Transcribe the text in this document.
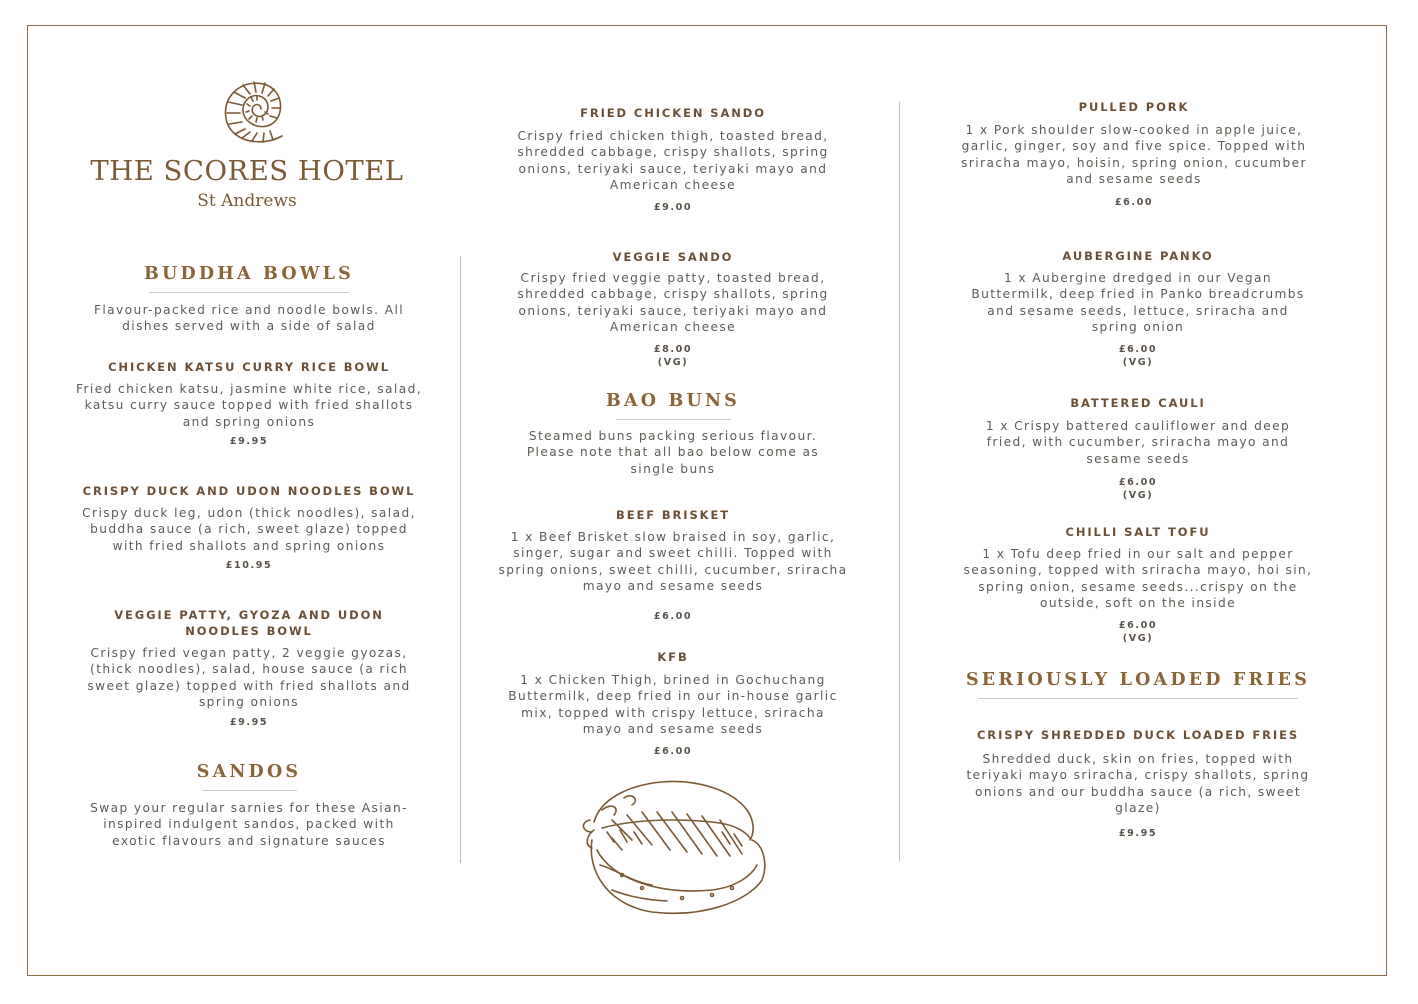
THE SCORES HOTEL
St Andrews
BUDDHA BOWLS
Flavour-packed rice and noodle bowls. All dishes served with a side of salad
CHICKEN KATSU CURRY RICE BOWL
Fried chicken katsu, jasmine white rice, salad, katsu curry sauce topped with fried shallots and spring onions
£9.95
CRISPY DUCK AND UDON NOODLES BOWL
Crispy duck leg, udon (thick noodles), salad, buddha sauce (a rich, sweet glaze) topped with fried shallots and spring onions
£10.95
VEGGIE PATTY, GYOZA AND UDON NOODLES BOWL
Crispy fried vegan patty, 2 veggie gyozas, (thick noodles), salad, house sauce (a rich sweet glaze) topped with fried shallots and spring onions
£9.95
SANDOS
Swap your regular sarnies for these Asian-inspired indulgent sandos, packed with exotic flavours and signature sauces
FRIED CHICKEN SANDO
Crispy fried chicken thigh, toasted bread, shredded cabbage, crispy shallots, spring onions, teriyaki sauce, teriyaki mayo and American cheese
£9.00
VEGGIE SANDO
Crispy fried veggie patty, toasted bread, shredded cabbage, crispy shallots, spring onions, teriyaki sauce, teriyaki mayo and American cheese
£8.00
(VG)
BAO BUNS
Steamed buns packing serious flavour. Please note that all bao below come as single buns
BEEF BRISKET
1 x Beef Brisket slow braised in soy, garlic, singer, sugar and sweet chilli. Topped with spring onions, sweet chilli, cucumber, sriracha mayo and sesame seeds
£6.00
KFB
1 x Chicken Thigh, brined in Gochuchang Buttermilk, deep fried in our in-house garlic mix, topped with crispy lettuce, sriracha mayo and sesame seeds
£6.00
PULLED PORK
1 x Pork shoulder slow-cooked in apple juice, garlic, ginger, soy and five spice. Topped with sriracha mayo, hoisin, spring onion, cucumber and sesame seeds
£6.00
AUBERGINE PANKO
1 x Aubergine dredged in our Vegan Buttermilk, deep fried in Panko breadcrumbs and sesame seeds, lettuce, sriracha and spring onion
£6.00
(VG)
BATTERED CAULI
1 x Crispy battered cauliflower and deep fried, with cucumber, sriracha mayo and sesame seeds
£6.00
(VG)
CHILLI SALT TOFU
1 x Tofu deep fried in our salt and pepper seasoning, topped with sriracha mayo, hoi sin, spring onion, sesame seeds...crispy on the outside, soft on the inside
£6.00
(VG)
SERIOUSLY LOADED FRIES
CRISPY SHREDDED DUCK LOADED FRIES
Shredded duck, skin on fries, topped with teriyaki mayo sriracha, crispy shallots, spring onions and our buddha sauce (a rich, sweet glaze)
£9.95
